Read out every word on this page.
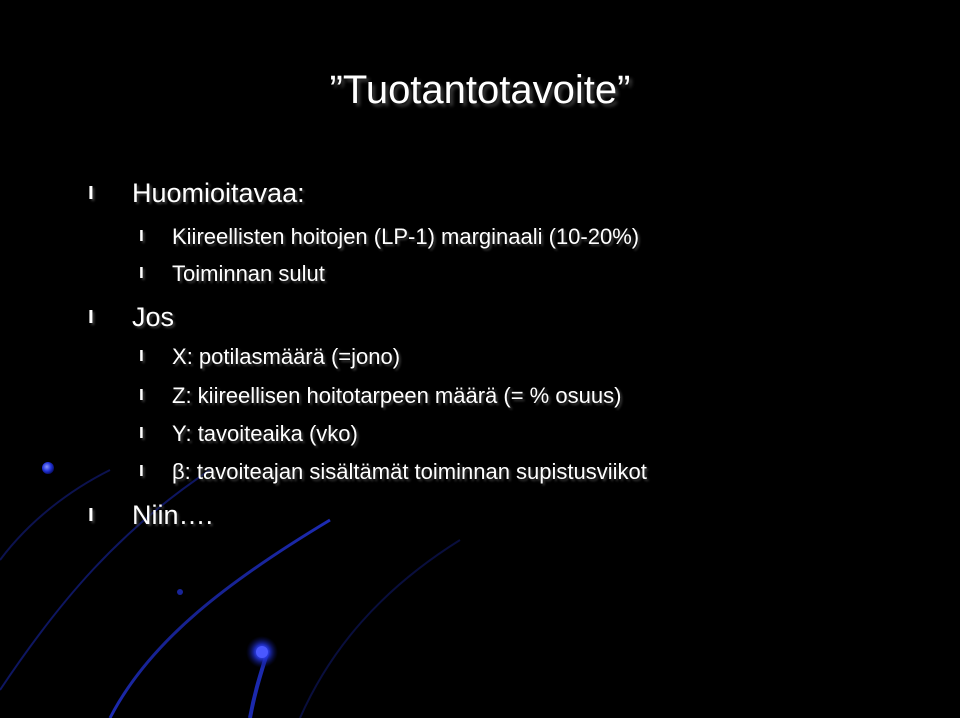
”Tuotantotavoite”
l Huomioitavaa:
l Kiireellisten hoitojen (LP-1) marginaali (10-20%)
l Toiminnan sulut
l Jos
l X: potilasmäärä (=jono)
l Z: kiireellisen hoitotarpeen määrä (= % osuus)
l Y: tavoiteaika (vko)
l β: tavoiteajan sisältämät toiminnan supistusviikot
l Niin….
